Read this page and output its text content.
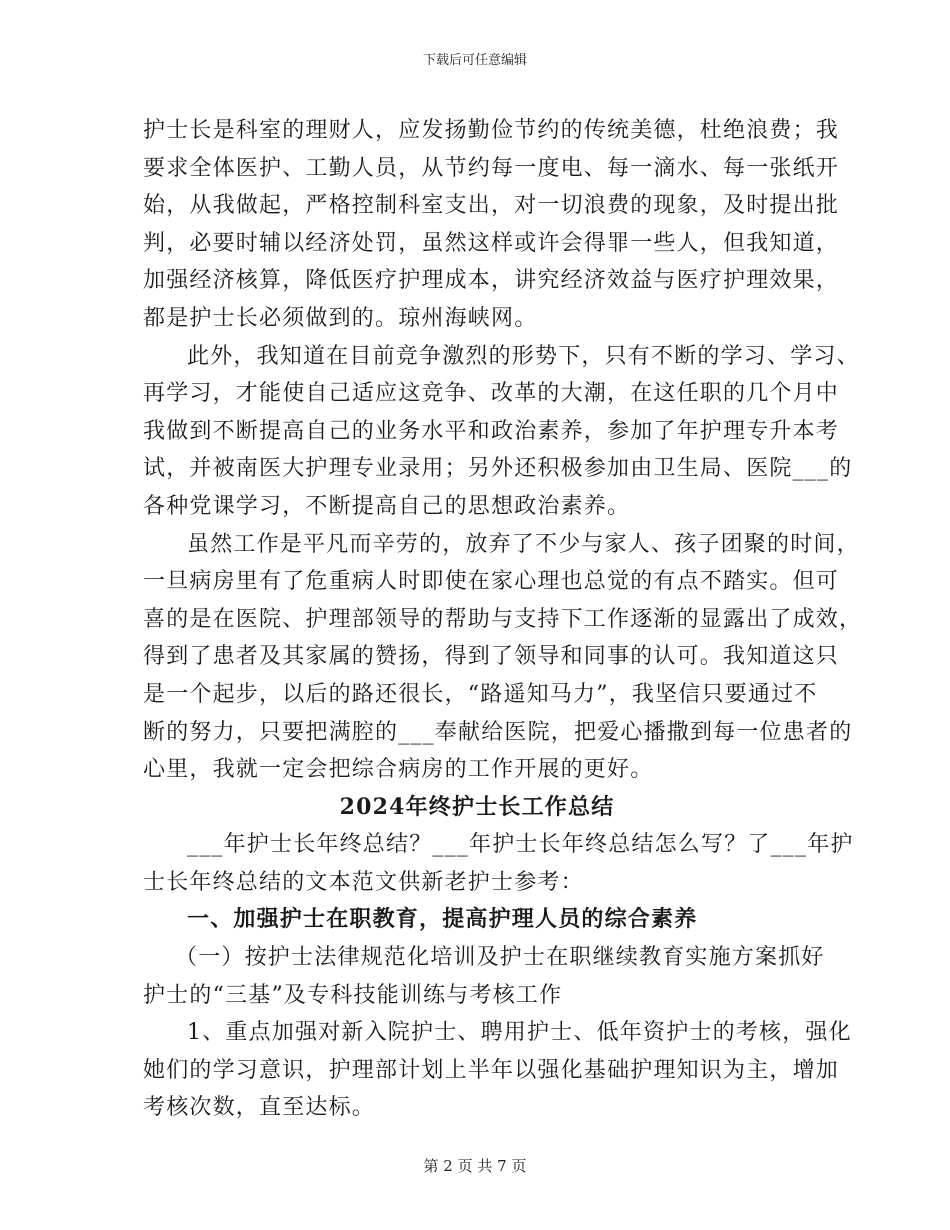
下载后可任意编辑
护士长是科室的理财人，应发扬勤俭节约的传统美德，杜绝浪费；我
要求全体医护、工勤人员，从节约每一度电、每一滴水、每一张纸开
始，从我做起，严格控制科室支出，对一切浪费的现象，及时提出批
判，必要时辅以经济处罚，虽然这样或许会得罪一些人，但我知道，
加强经济核算，降低医疗护理成本，讲究经济效益与医疗护理效果，
都是护士长必须做到的。琼州海峡网。
此外，我知道在目前竞争激烈的形势下，只有不断的学习、学习、
再学习，才能使自己适应这竞争、改革的大潮，在这任职的几个月中
我做到不断提高自己的业务水平和政治素养，参加了年护理专升本考
试，并被南医大护理专业录用；另外还积极参加由卫生局、医院___的
各种党课学习，不断提高自己的思想政治素养。
虽然工作是平凡而辛劳的，放弃了不少与家人、孩子团聚的时间，
一旦病房里有了危重病人时即使在家心理也总觉的有点不踏实。但可
喜的是在医院、护理部领导的帮助与支持下工作逐渐的显露出了成效，
得到了患者及其家属的赞扬，得到了领导和同事的认可。我知道这只
是一个起步，以后的路还很长，“路遥知马力”，我坚信只要通过不
断的努力，只要把满腔的___奉献给医院，把爱心播撒到每一位患者的
心里，我就一定会把综合病房的工作开展的更好。
2024年终护士长工作总结
___年护士长年终总结？___年护士长年终总结怎么写？了___年护
士长年终总结的文本范文供新老护士参考：
一、加强护士在职教育，提高护理人员的综合素养
（一）按护士法律规范化培训及护士在职继续教育实施方案抓好
护士的“三基”及专科技能训练与考核工作
1、重点加强对新入院护士、聘用护士、低年资护士的考核，强化
她们的学习意识，护理部计划上半年以强化基础护理知识为主，增加
考核次数，直至达标。
第 2 页 共 7 页
